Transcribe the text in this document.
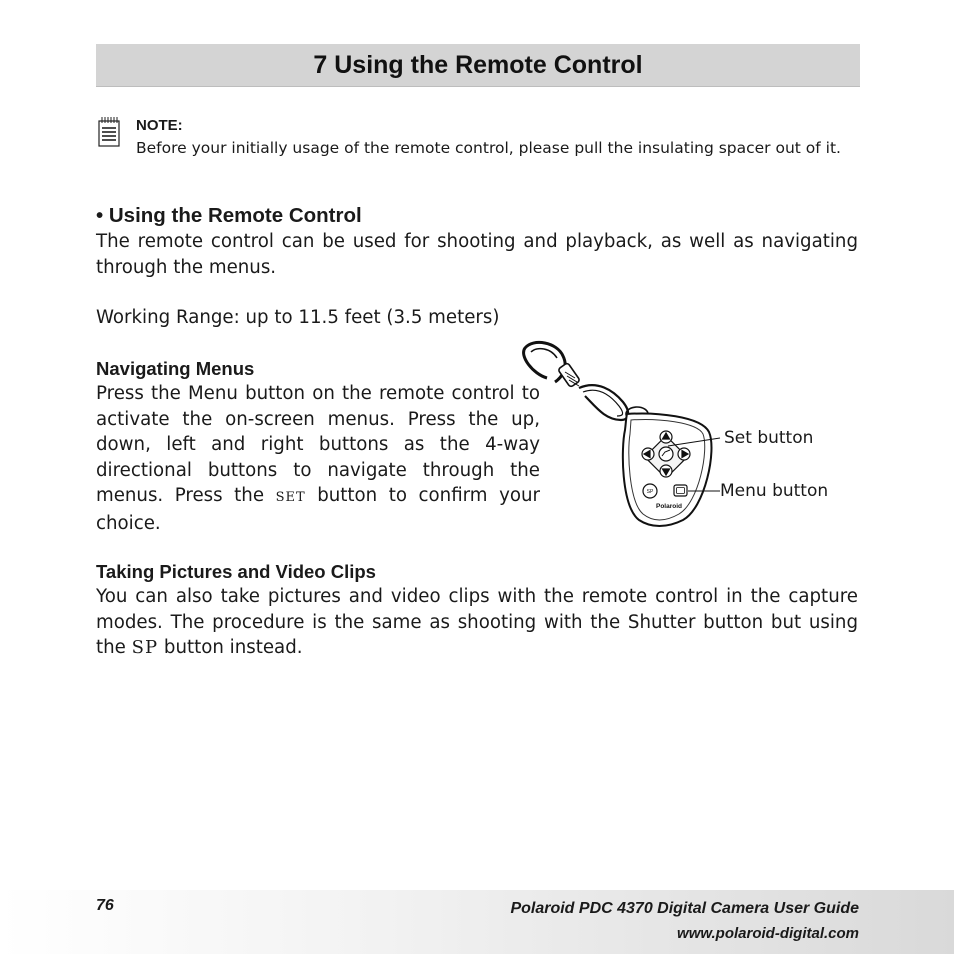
7 Using the Remote Control
NOTE:

Before your initially usage of the remote control, please pull the insulating spacer out of it.

• Using the Remote Control

The remote control can be used for shooting and playback, as well as navigating through the menus.

Working Range: up to 11.5 feet (3.5 meters)

Navigating Menus

Press the Menu button on the remote control to activate the on-screen menus. Press the up, down, left and right buttons as the 4-way directional buttons to navigate through the menus. Press the SET button to confirm your choice.

SP
Polaroid
Set button
Menu button
Taking Pictures and Video Clips

You can also take pictures and video clips with the remote control in the capture modes. The procedure is the same as shooting with the Shutter button but using the SP button instead.

76	Polaroid PDC 4370 Digital Camera User Guide
www.polaroid-digital.com
